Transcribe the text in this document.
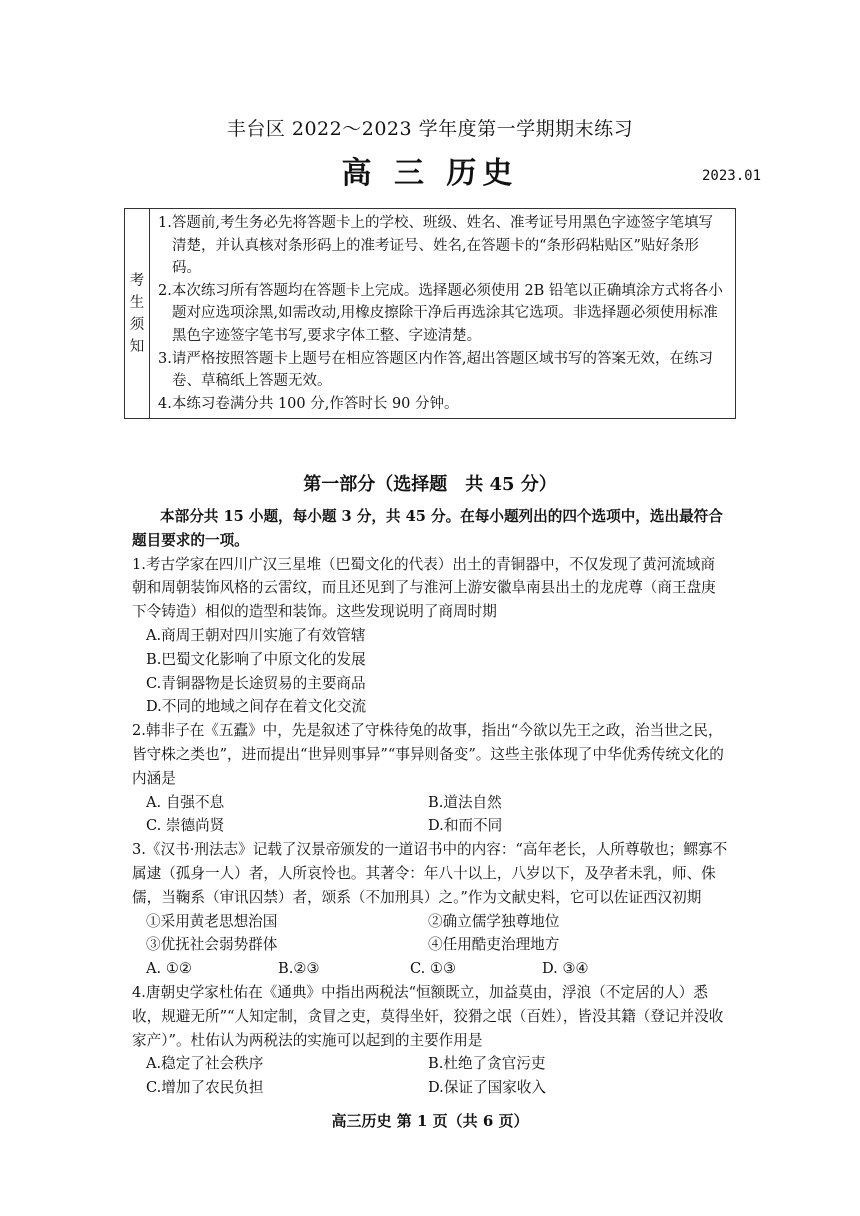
丰台区 2022～2023 学年度第一学期期末练习
高 三 历史	2023.01
考
生
须
知

1.答题前,考生务必先将答题卡上的学校、班级、姓名、准考证号用黑色字迹签字笔填写清楚，并认真核对条形码上的准考证号、姓名,在答题卡的“条形码粘贴区”贴好条形码。
2.本次练习所有答题均在答题卡上完成。选择题必须使用 2B 铅笔以正确填涂方式将各小题对应选项涂黑,如需改动,用橡皮擦除干净后再选涂其它选项。非选择题必须使用标准黑色字迹签字笔书写,要求字体工整、字迹清楚。
3.请严格按照答题卡上题号在相应答题区内作答,超出答题区域书写的答案无效，在练习卷、草稿纸上答题无效。
4.本练习卷满分共 100 分,作答时长 90 分钟。
第一部分（选择题　共 45 分）
本部分共 15 小题，每小题 3 分，共 45 分。在每小题列出的四个选项中，选出最符合题目要求的一项。
1.考古学家在四川广汉三星堆（巴蜀文化的代表）出土的青铜器中，不仅发现了黄河流域商朝和周朝装饰风格的云雷纹，而且还见到了与淮河上游安徽阜南县出土的龙虎尊（商王盘庚下令铸造）相似的造型和装饰。这些发现说明了商周时期
A.商周王朝对四川实施了有效管辖
B.巴蜀文化影响了中原文化的发展
C.青铜器物是长途贸易的主要商品
D.不同的地域之间存在着文化交流
2.韩非子在《五蠹》中，先是叙述了守株待兔的故事，指出“今欲以先王之政，治当世之民，皆守株之类也”，进而提出“世异则事异”“事异则备变”。这些主张体现了中华优秀传统文化的内涵是
A. 自强不息	B.道法自然
C. 崇德尚贤	D.和而不同
3.《汉书·刑法志》记载了汉景帝颁发的一道诏书中的内容：“高年老长，人所尊敬也；鳏寡不属逮（孤身一人）者，人所哀怜也。其著令：年八十以上，八岁以下，及孕者未乳，师、侏儒，当鞠系（审讯囚禁）者，颂系（不加刑具）之。”作为文献史料，它可以佐证西汉初期
①采用黄老思想治国	②确立儒学独尊地位
③优抚社会弱势群体	④任用酷吏治理地方
A. ①②	B.②③	C. ①③	D. ③④
4.唐朝史学家杜佑在《通典》中指出两税法“恒额既立，加益莫由，浮浪（不定居的人）悉收，规避无所”“人知定制，贪冒之吏，莫得坐奸，狡猾之氓（百姓），皆没其籍（登记并没收家产）”。杜佑认为两税法的实施可以起到的主要作用是
A.稳定了社会秩序	B.杜绝了贪官污吏
C.增加了农民负担	D.保证了国家收入
高三历史 第 1 页（共 6 页）
